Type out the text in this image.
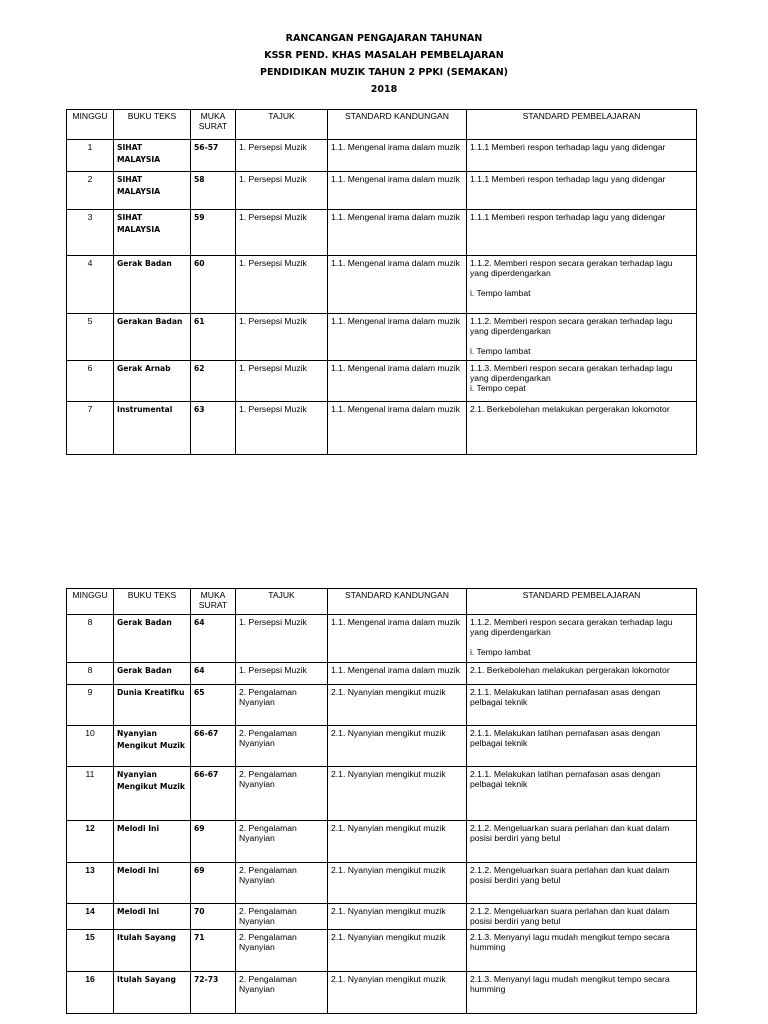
RANCANGAN PENGAJARAN TAHUNAN
KSSR PEND. KHAS MASALAH PEMBELAJARAN
PENDIDIKAN MUZIK TAHUN 2 PPKI (SEMAKAN)
2018
MINGGU	BUKU TEKS	MUKA
SURAT	TAJUK	STANDARD KANDUNGAN	STANDARD PEMBELAJARAN
1	SIHAT
MALAYSIA	56-57	1. Persepsi Muzik	1.1. Mengenal irama dalam muzik	1.1.1 Memberi respon terhadap lagu yang didengar
2	SIHAT
MALAYSIA	58	1. Persepsi Muzik	1.1. Mengenal irama dalam muzik	1.1.1 Memberi respon terhadap lagu yang didengar
3	SIHAT
MALAYSIA	59	1. Persepsi Muzik	1.1. Mengenal irama dalam muzik	1.1.1 Memberi respon terhadap lagu yang didengar
4	Gerak Badan	60	1. Persepsi Muzik	1.1. Mengenal irama dalam muzik	1.1.2. Memberi respon secara gerakan terhadap lagu yang diperdengarkan

i. Tempo lambat
5	Gerakan Badan	61	1. Persepsi Muzik	1.1. Mengenal irama dalam muzik	1.1.2. Memberi respon secara gerakan terhadap lagu yang diperdengarkan

i. Tempo lambat
6	Gerak Arnab	62	1. Persepsi Muzik	1.1. Mengenal irama dalam muzik	1.1.3. Memberi respon secara gerakan terhadap lagu yang diperdengarkan
i. Tempo cepat
7	Instrumental	63	1. Persepsi Muzik	1.1. Mengenal irama dalam muzik	2.1. Berkebolehan melakukan pergerakan lokomotor
MINGGU	BUKU TEKS	MUKA
SURAT	TAJUK	STANDARD KANDUNGAN	STANDARD PEMBELAJARAN
8	Gerak Badan	64	1. Persepsi Muzik	1.1. Mengenal irama dalam muzik	1.1.2. Memberi respon secara gerakan terhadap lagu yang diperdengarkan

i. Tempo lambat
8	Gerak Badan	64	1. Persepsi Muzik	1.1. Mengenal irama dalam muzik	2.1. Berkebolehan melakukan pergerakan lokomotor
9	Dunia Kreatifku	65	2. Pengalaman Nyanyian	2.1. Nyanyian mengikut muzik	2.1.1. Melakukan latihan pernafasan asas dengan pelbagai teknik
10	Nyanyian
Mengikut Muzik	66-67	2. Pengalaman Nyanyian	2.1. Nyanyian mengikut muzik	2.1.1. Melakukan latihan pernafasan asas dengan pelbagai teknik
11	Nyanyian
Mengikut Muzik	66-67	2. Pengalaman Nyanyian	2.1. Nyanyian mengikut muzik	2.1.1. Melakukan latihan pernafasan asas dengan pelbagai teknik
12	Melodi Ini	69	2. Pengalaman Nyanyian	2.1. Nyanyian mengikut muzik	2.1.2. Mengeluarkan suara perlahan dan kuat dalam posisi berdiri yang betul
13	Melodi Ini	69	2. Pengalaman Nyanyian	2.1. Nyanyian mengikut muzik	2.1.2. Mengeluarkan suara perlahan dan kuat dalam posisi berdiri yang betul
14	Melodi Ini	70	2. Pengalaman Nyanyian	2.1. Nyanyian mengikut muzik	2.1.2. Mengeluarkan suara perlahan dan kuat dalam posisi berdiri yang betul
15	Itulah Sayang	71	2. Pengalaman Nyanyian	2.1. Nyanyian mengikut muzik	2.1.3. Menyanyi lagu mudah mengikut tempo secara humming
16	Itulah Sayang	72-73	2. Pengalaman Nyanyian	2.1. Nyanyian mengikut muzik	2.1.3. Menyanyi lagu mudah mengikut tempo secara humming
